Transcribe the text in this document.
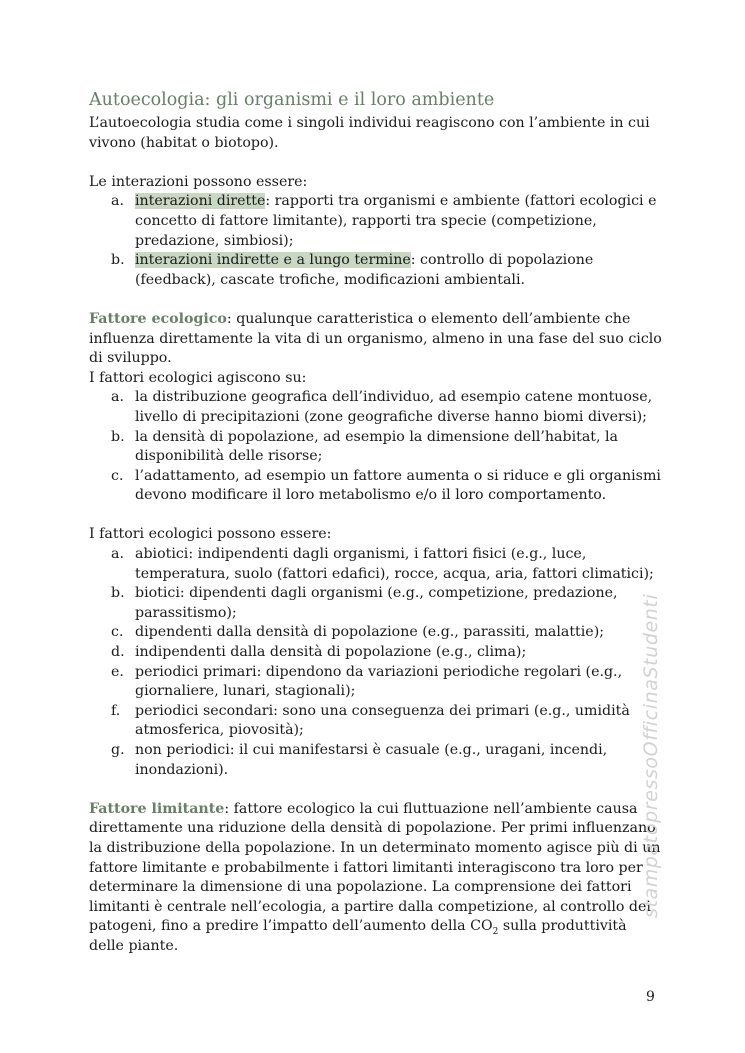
Autoecologia: gli organismi e il loro ambiente

L’autoecologia studia come i singoli individui reagiscono con l’ambiente in cui vivono (habitat o biotopo).

Le interazioni possono essere:

a. interazioni dirette: rapporti tra organismi e ambiente (fattori ecologici e concetto di fattore limitante), rapporti tra specie (competizione, predazione, simbiosi);
b. interazioni indirette e a lungo termine: controllo di popolazione (feedback), cascate trofiche, modificazioni ambientali.

Fattore ecologico: qualunque caratteristica o elemento dell’ambiente che influenza direttamente la vita di un organismo, almeno in una fase del suo ciclo di sviluppo.

I fattori ecologici agiscono su:

a. la distribuzione geografica dell’individuo, ad esempio catene montuose, livello di precipitazioni (zone geografiche diverse hanno biomi diversi);
b. la densità di popolazione, ad esempio la dimensione dell’habitat, la disponibilità delle risorse;
c. l’adattamento, ad esempio un fattore aumenta o si riduce e gli organismi devono modificare il loro metabolismo e/o il loro comportamento.

I fattori ecologici possono essere:

a. abiotici: indipendenti dagli organismi, i fattori fisici (e.g., luce, temperatura, suolo (fattori edafici), rocce, acqua, aria, fattori climatici);
b. biotici: dipendenti dagli organismi (e.g., competizione, predazione, parassitismo);
c. dipendenti dalla densità di popolazione (e.g., parassiti, malattie);
d. indipendenti dalla densità di popolazione (e.g., clima);
e. periodici primari: dipendono da variazioni periodiche regolari (e.g., giornaliere, lunari, stagionali);
f. periodici secondari: sono una conseguenza dei primari (e.g., umidità atmosferica, piovosità);
g. non periodici: il cui manifestarsi è casuale (e.g., uragani, incendi, inondazioni).

Fattore limitante: fattore ecologico la cui fluttuazione nell’ambiente causa direttamente una riduzione della densità di popolazione. Per primi influenzano la distribuzione della popolazione. In un determinato momento agisce più di un fattore limitante e probabilmente i fattori limitanti interagiscono tra loro per determinare la dimensione di una popolazione. La comprensione dei fattori limitanti è centrale nell’ecologia, a partire dalla competizione, al controllo dei patogeni, fino a predire l’impatto dell’aumento della $CO_2$ sulla produttività delle piante.

stampatopressoOfficinaStudenti
9
